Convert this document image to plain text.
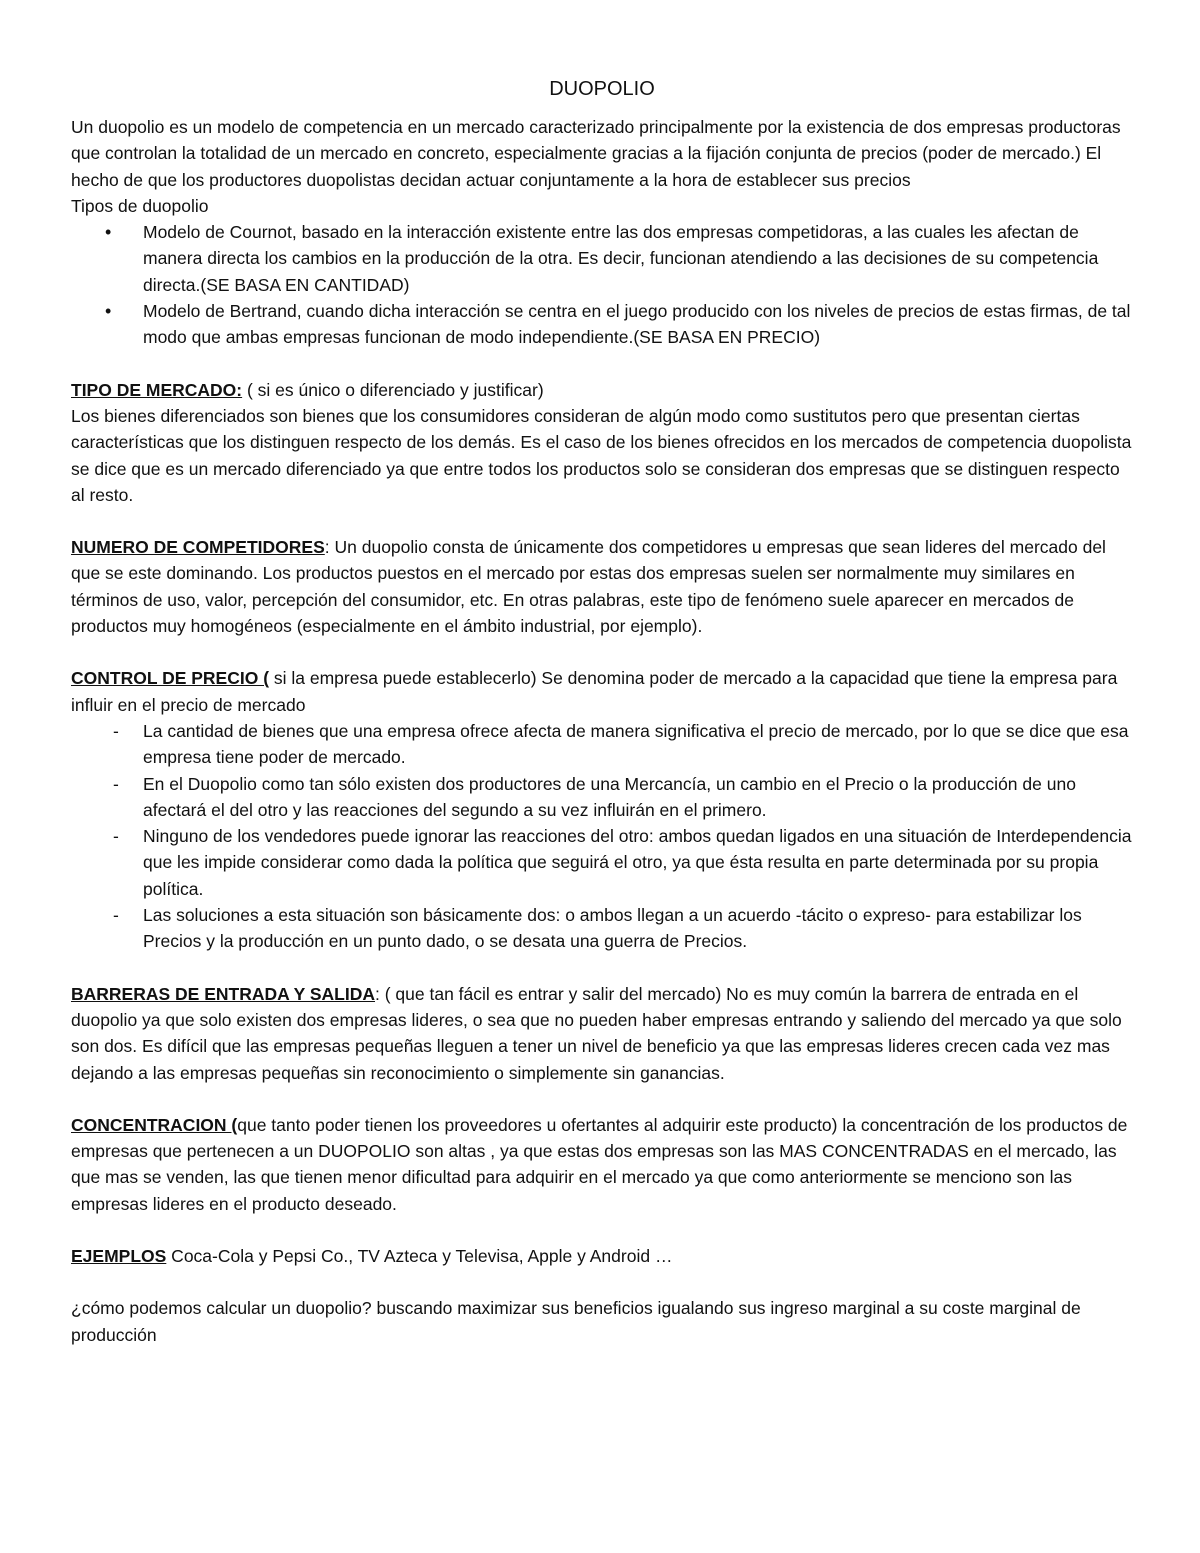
DUOPOLIO

Un duopolio es un modelo de competencia en un mercado caracterizado principalmente por la existencia de dos empresas productoras que controlan la totalidad de un mercado en concreto, especialmente gracias a la fijación conjunta de precios (poder de mercado.) El hecho de que los productores duopolistas decidan actuar conjuntamente a la hora de establecer sus precios

Tipos de duopolio

• Modelo de Cournot, basado en la interacción existente entre las dos empresas competidoras, a las cuales les afectan de manera directa los cambios en la producción de la otra. Es decir, funcionan atendiendo a las decisiones de su competencia directa.(SE BASA EN CANTIDAD)
• Modelo de Bertrand, cuando dicha interacción se centra en el juego producido con los niveles de precios de estas firmas, de tal modo que ambas empresas funcionan de modo independiente.(SE BASA EN PRECIO)

TIPO DE MERCADO: ( si es único o diferenciado y justificar)

Los bienes diferenciados son bienes que los consumidores consideran de algún modo como sustitutos pero que presentan ciertas características que los distinguen respecto de los demás. Es el caso de los bienes ofrecidos en los mercados de competencia duopolista se dice que es un mercado diferenciado ya que entre todos los productos solo se consideran dos empresas que se distinguen respecto al resto.

NUMERO DE COMPETIDORES: Un duopolio consta de únicamente dos competidores u empresas que sean lideres del mercado del que se este dominando. Los productos puestos en el mercado por estas dos empresas suelen ser normalmente muy similares en términos de uso, valor, percepción del consumidor, etc. En otras palabras, este tipo de fenómeno suele aparecer en mercados de productos muy homogéneos (especialmente en el ámbito industrial, por ejemplo).

CONTROL DE PRECIO ( si la empresa puede establecerlo) Se denomina poder de mercado a la capacidad que tiene la empresa para influir en el precio de mercado

- La cantidad de bienes que una empresa ofrece afecta de manera significativa el precio de mercado, por lo que se dice que esa empresa tiene poder de mercado.
- En el Duopolio como tan sólo existen dos productores de una Mercancía, un cambio en el Precio o la producción de uno afectará el del otro y las reacciones del segundo a su vez influirán en el primero.
- Ninguno de los vendedores puede ignorar las reacciones del otro: ambos quedan ligados en una situación de Interdependencia que les impide considerar como dada la política que seguirá el otro, ya que ésta resulta en parte determinada por su propia política.
- Las soluciones a esta situación son básicamente dos: o ambos llegan a un acuerdo -tácito o expreso- para estabilizar los Precios y la producción en un punto dado, o se desata una guerra de Precios.

BARRERAS DE ENTRADA Y SALIDA: ( que tan fácil es entrar y salir del mercado) No es muy común la barrera de entrada en el duopolio ya que solo existen dos empresas lideres, o sea que no pueden haber empresas entrando y saliendo del mercado ya que solo son dos. Es difícil que las empresas pequeñas lleguen a tener un nivel de beneficio ya que las empresas lideres crecen cada vez mas dejando a las empresas pequeñas sin reconocimiento o simplemente sin ganancias.

CONCENTRACION (que tanto poder tienen los proveedores u ofertantes al adquirir este producto) la concentración de los productos de empresas que pertenecen a un DUOPOLIO son altas , ya que estas dos empresas son las MAS CONCENTRADAS en el mercado, las que mas se venden, las que tienen menor dificultad para adquirir en el mercado ya que como anteriormente se menciono son las empresas lideres en el producto deseado.

EJEMPLOS Coca-Cola y Pepsi Co., TV Azteca y Televisa, Apple y Android …

¿cómo podemos calcular un duopolio? buscando maximizar sus beneficios igualando sus ingreso marginal a su coste marginal de producción
